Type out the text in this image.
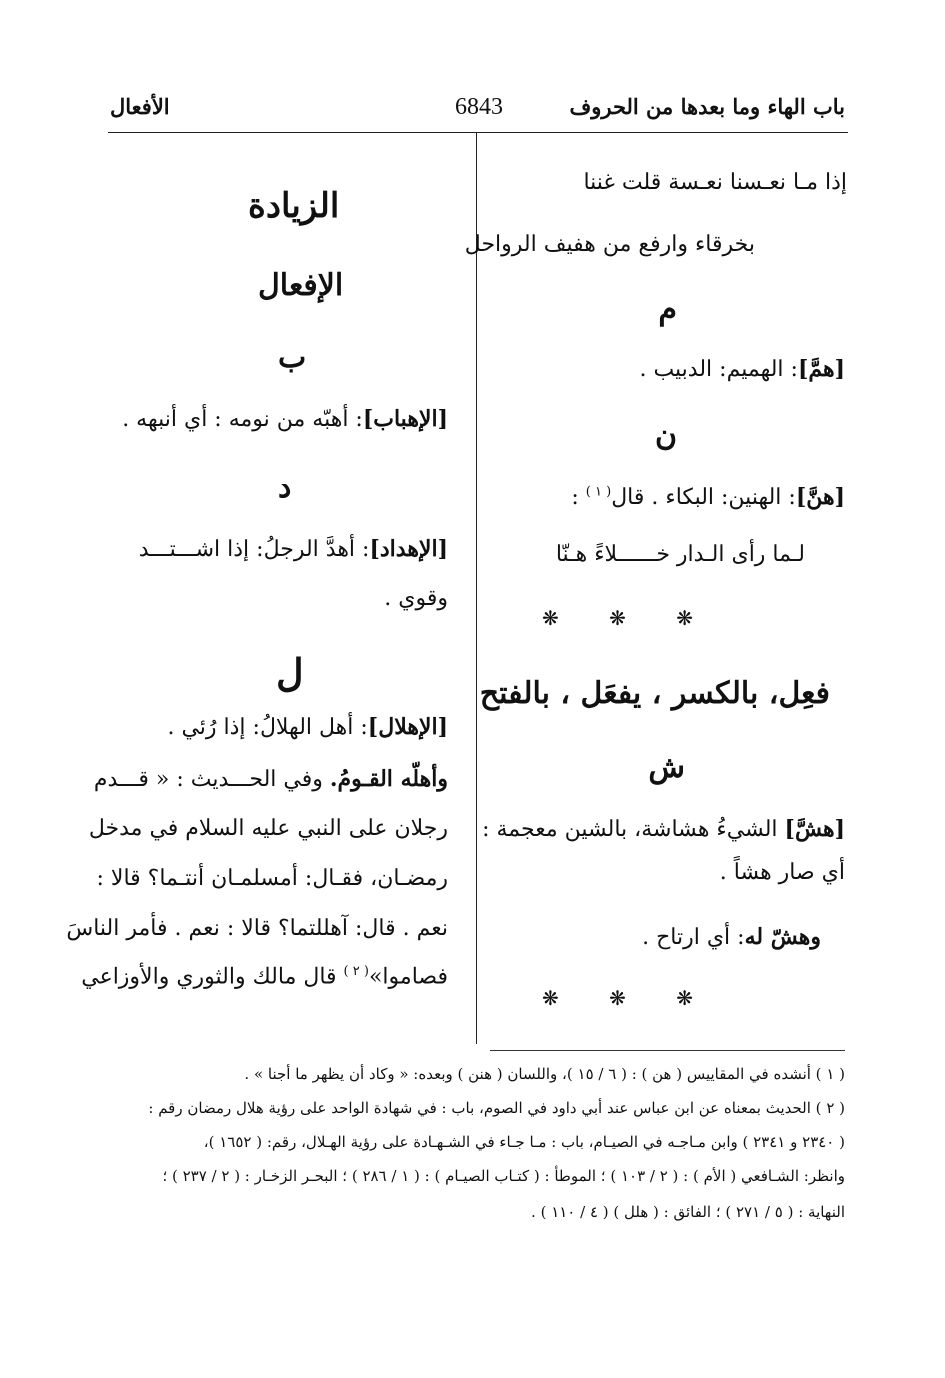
باب الهاء وما بعدها من الحروف
6843
الأفعال
إذا مـا نعـسنا نعـسة قلت غننا
بخرقاء وارفع من هفيف الرواحل
م
[همَّ]: الهميم: الدبيب .
ن
[هنَّ]: الهنين: البكاء . قال$^{( ١ )}$ :
لـما رأى الـدار خــــــلاءً هـنّا
❋ ❋ ❋
فعِل، بالكسر ، يفعَل ، بالفتح
ش
[هشَّ] الشيءُ هشاشة، بالشين معجمة :
أي صار هشاً .
وهشّ له: أي ارتاح .
❋ ❋ ❋
الزيادة
الإفعال
ب
[الإهباب]: أهبّه من نومه : أي أنبهه .
د
[الإهداد]: أهدَّ الرجلُ: إذا اشـــتـــد
وقوي .
ل
[الإهلال]: أهل الهلالُ: إذا رُئي .
وأهلّه القـومُ. وفي الحـــديث : « قـــدم
رجلان على النبي عليه السلام في مدخل
رمضـان، فقـال: أمسلمـان أنتـما؟ قالا :
نعم . قال: آهللتما؟ قالا : نعم . فأمر الناسَ
فصاموا»$^{( ٢ )}$ قال مالك والثوري والأوزاعي
( ١ ) أنشده في المقاييس ( هن ) : ( ٦ / ١٥ )، واللسان ( هنن ) وبعده: « وكاد أن يظهر ما أجنا » .
( ٢ ) الحديث بمعناه عن ابن عباس عند أبي داود في الصوم، باب : في شهادة الواحد على رؤية هلال رمضان رقم :
( ٢٣٤٠ و ٢٣٤١ ) وابن مـاجـه في الصيـام، باب : مـا جـاء في الشـهـادة على رؤية الهـلال، رقم: ( ١٦٥٢ )،
وانظر: الشـافعي ( الأم ) : ( ٢ / ١٠٣ ) ؛ الموطأ : ( كتـاب الصيـام ) : ( ١ / ٢٨٦ ) ؛ البحـر الزخـار : ( ٢ / ٢٣٧ ) ؛
النهاية : ( ٥ / ٢٧١ ) ؛ الفائق : ( هلل ) ( ٤ / ١١٠ ) .
